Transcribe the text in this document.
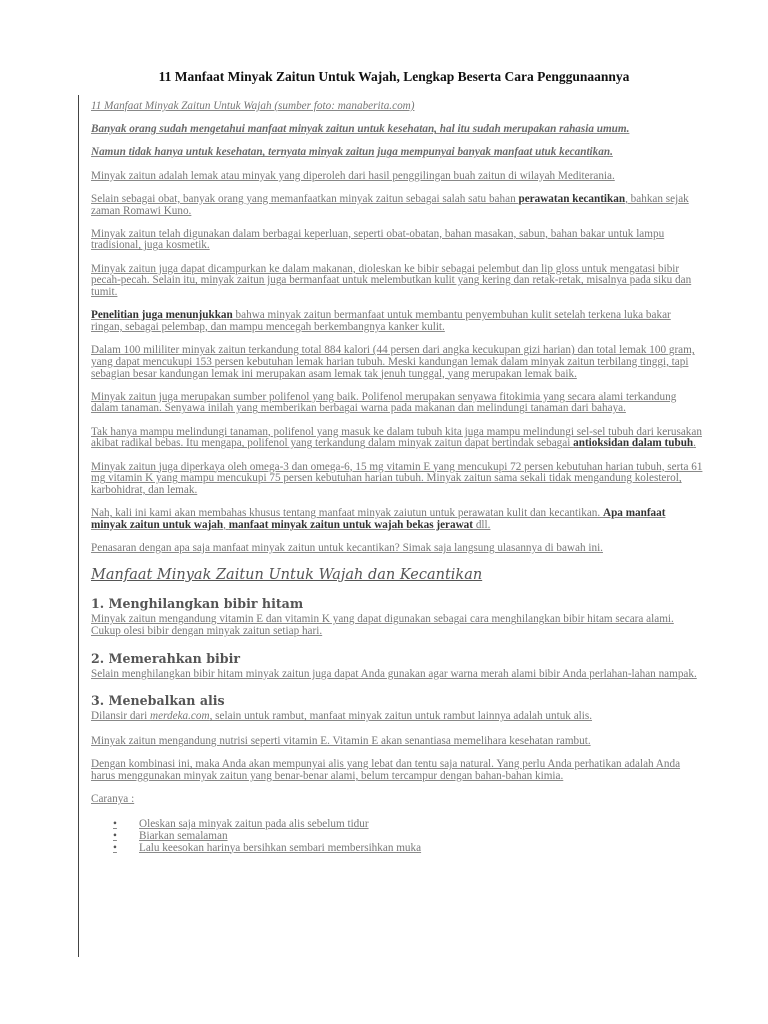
11 Manfaat Minyak Zaitun Untuk Wajah, Lengkap Beserta Cara Penggunaannya

11 Manfaat Minyak Zaitun Untuk Wajah (sumber foto: manaberita.com)

Banyak orang sudah mengetahui manfaat minyak zaitun untuk kesehatan, hal itu sudah merupakan rahasia umum.

Namun tidak hanya untuk kesehatan, ternyata minyak zaitun juga mempunyai banyak manfaat utuk kecantikan.

Minyak zaitun adalah lemak atau minyak yang diperoleh dari hasil penggilingan buah zaitun di wilayah Mediterania.

Selain sebagai obat, banyak orang yang memanfaatkan minyak zaitun sebagai salah satu bahan perawatan kecantikan, bahkan sejak zaman Romawi Kuno.

Minyak zaitun telah digunakan dalam berbagai keperluan, seperti obat-obatan, bahan masakan, sabun, bahan bakar untuk lampu tradisional, juga kosmetik.

Minyak zaitun juga dapat dicampurkan ke dalam makanan, dioleskan ke bibir sebagai pelembut dan lip gloss untuk mengatasi bibir pecah-pecah. Selain itu, minyak zaitun juga bermanfaat untuk melembutkan kulit yang kering dan retak-retak, misalnya pada siku dan tumit.

Penelitian juga menunjukkan bahwa minyak zaitun bermanfaat untuk membantu penyembuhan kulit setelah terkena luka bakar ringan, sebagai pelembap, dan mampu mencegah berkembangnya kanker kulit.

Dalam 100 mililiter minyak zaitun terkandung total 884 kalori (44 persen dari angka kecukupan gizi harian) dan total lemak 100 gram, yang dapat mencukupi 153 persen kebutuhan lemak harian tubuh. Meski kandungan lemak dalam minyak zaitun terbilang tinggi, tapi sebagian besar kandungan lemak ini merupakan asam lemak tak jenuh tunggal, yang merupakan lemak baik.

Minyak zaitun juga merupakan sumber polifenol yang baik. Polifenol merupakan senyawa fitokimia yang secara alami terkandung dalam tanaman. Senyawa inilah yang memberikan berbagai warna pada makanan dan melindungi tanaman dari bahaya.

Tak hanya mampu melindungi tanaman, polifenol yang masuk ke dalam tubuh kita juga mampu melindungi sel-sel tubuh dari kerusakan akibat radikal bebas. Itu mengapa, polifenol yang terkandung dalam minyak zaitun dapat bertindak sebagai antioksidan dalam tubuh.

Minyak zaitun juga diperkaya oleh omega-3 dan omega-6, 15 mg vitamin E yang mencukupi 72 persen kebutuhan harian tubuh, serta 61 mg vitamin K yang mampu mencukupi 75 persen kebutuhan harian tubuh. Minyak zaitun sama sekali tidak mengandung kolesterol, karbohidrat, dan lemak.

Nah, kali ini kami akan membahas khusus tentang manfaat minyak zaiutun untuk perawatan kulit dan kecantikan. Apa manfaat minyak zaitun untuk wajah, manfaat minyak zaitun untuk wajah bekas jerawat dll.

Penasaran dengan apa saja manfaat minyak zaitun untuk kecantikan? Simak saja langsung ulasannya di bawah ini.

Manfaat Minyak Zaitun Untuk Wajah dan Kecantikan
1. Menghilangkan bibir hitam

Minyak zaitun mengandung vitamin E dan vitamin K yang dapat digunakan sebagai cara menghilangkan bibir hitam secara alami. Cukup olesi bibir dengan minyak zaitun setiap hari.

2. Memerahkan bibir

Selain menghilangkan bibir hitam minyak zaitun juga dapat Anda gunakan agar warna merah alami bibir Anda perlahan-lahan nampak.

3. Menebalkan alis

Dilansir dari merdeka.com, selain untuk rambut, manfaat minyak zaitun untuk rambut lainnya adalah untuk alis.

Minyak zaitun mengandung nutrisi seperti vitamin E. Vitamin E akan senantiasa memelihara kesehatan rambut.

Dengan kombinasi ini, maka Anda akan mempunyai alis yang lebat dan tentu saja natural. Yang perlu Anda perhatikan adalah Anda harus menggunakan minyak zaitun yang benar-benar alami, belum tercampur dengan bahan-bahan kimia.

Caranya :

•	Oleskan saja minyak zaitun pada alis sebelum tidur
•	Biarkan semalaman
•	Lalu keesokan harinya bersihkan sembari membersihkan muka
